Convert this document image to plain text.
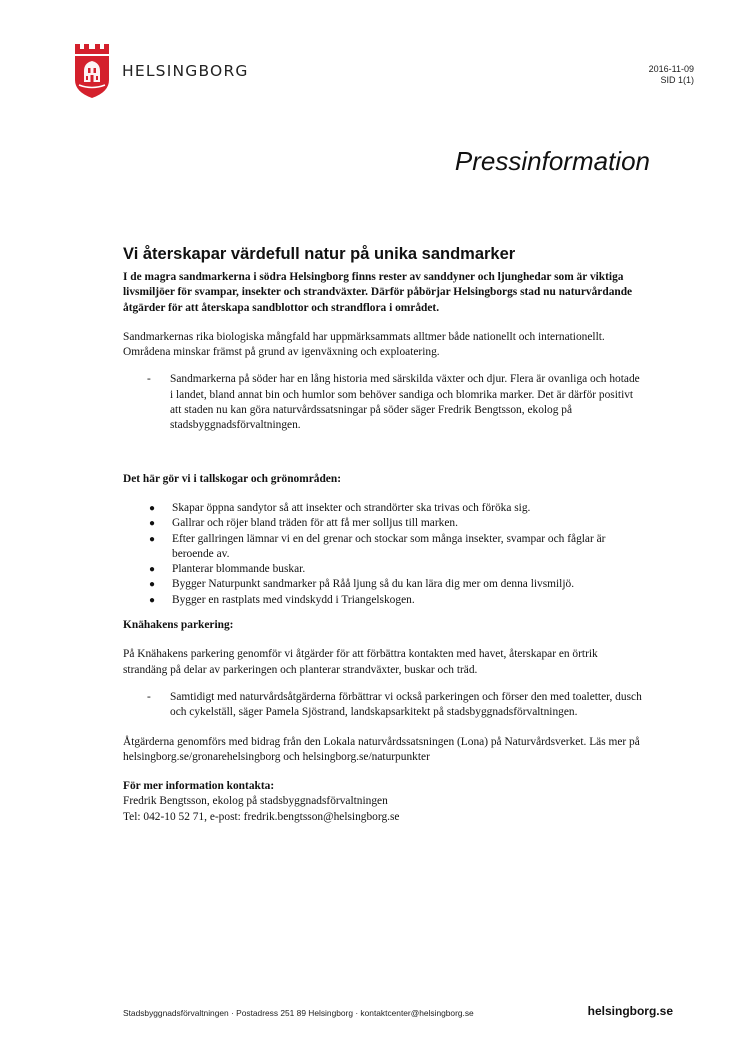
HELSINGBORG	2016-11-09
SID 1(1)
Pressinformation
Vi återskapar värdefull natur på unika sandmarker

I de magra sandmarkerna i södra Helsingborg finns rester av sanddyner och ljunghedar som är viktiga livsmiljöer för svampar, insekter och strandväxter. Därför påbörjar Helsingborgs stad nu naturvårdande åtgärder för att återskapa sandblottor och strandflora i området.

Sandmarkernas rika biologiska mångfald har uppmärksammats alltmer både nationellt och internationellt. Områdena minskar främst på grund av igenväxning och exploatering.

- Sandmarkerna på söder har en lång historia med särskilda växter och djur. Flera är ovanliga och hotade i landet, bland annat bin och humlor som behöver sandiga och blomrika marker. Det är därför positivt att staden nu kan göra naturvårdssatsningar på söder säger Fredrik Bengtsson, ekolog på stadsbyggnadsförvaltningen.

Det här gör vi i tallskogar och grönområden:

● Skapar öppna sandytor så att insekter och strandörter ska trivas och föröka sig.
● Gallrar och röjer bland träden för att få mer solljus till marken.
● Efter gallringen lämnar vi en del grenar och stockar som många insekter, svampar och fåglar är beroende av.
● Planterar blommande buskar.
● Bygger Naturpunkt sandmarker på Råå ljung så du kan lära dig mer om denna livsmiljö.
● Bygger en rastplats med vindskydd i Triangelskogen.

Knähakens parkering:

På Knähakens parkering genomför vi åtgärder för att förbättra kontakten med havet, återskapar en örtrik strandäng på delar av parkeringen och planterar strandväxter, buskar och träd.

- Samtidigt med naturvårdsåtgärderna förbättrar vi också parkeringen och förser den med toaletter, dusch och cykelställ, säger Pamela Sjöstrand, landskapsarkitekt på stadsbyggnadsförvaltningen.

Åtgärderna genomförs med bidrag från den Lokala naturvårdssatsningen (Lona) på Naturvårdsverket. Läs mer på helsingborg.se/gronarehelsingborg och helsingborg.se/naturpunkter

För mer information kontakta:

Fredrik Bengtsson, ekolog på stadsbyggnadsförvaltningen

Tel: 042-10 52 71, e-post: fredrik.bengtsson@helsingborg.se

Stadsbyggnadsförvaltningen · Postadress 251 89 Helsingborg · kontaktcenter@helsingborg.se	helsingborg.se
